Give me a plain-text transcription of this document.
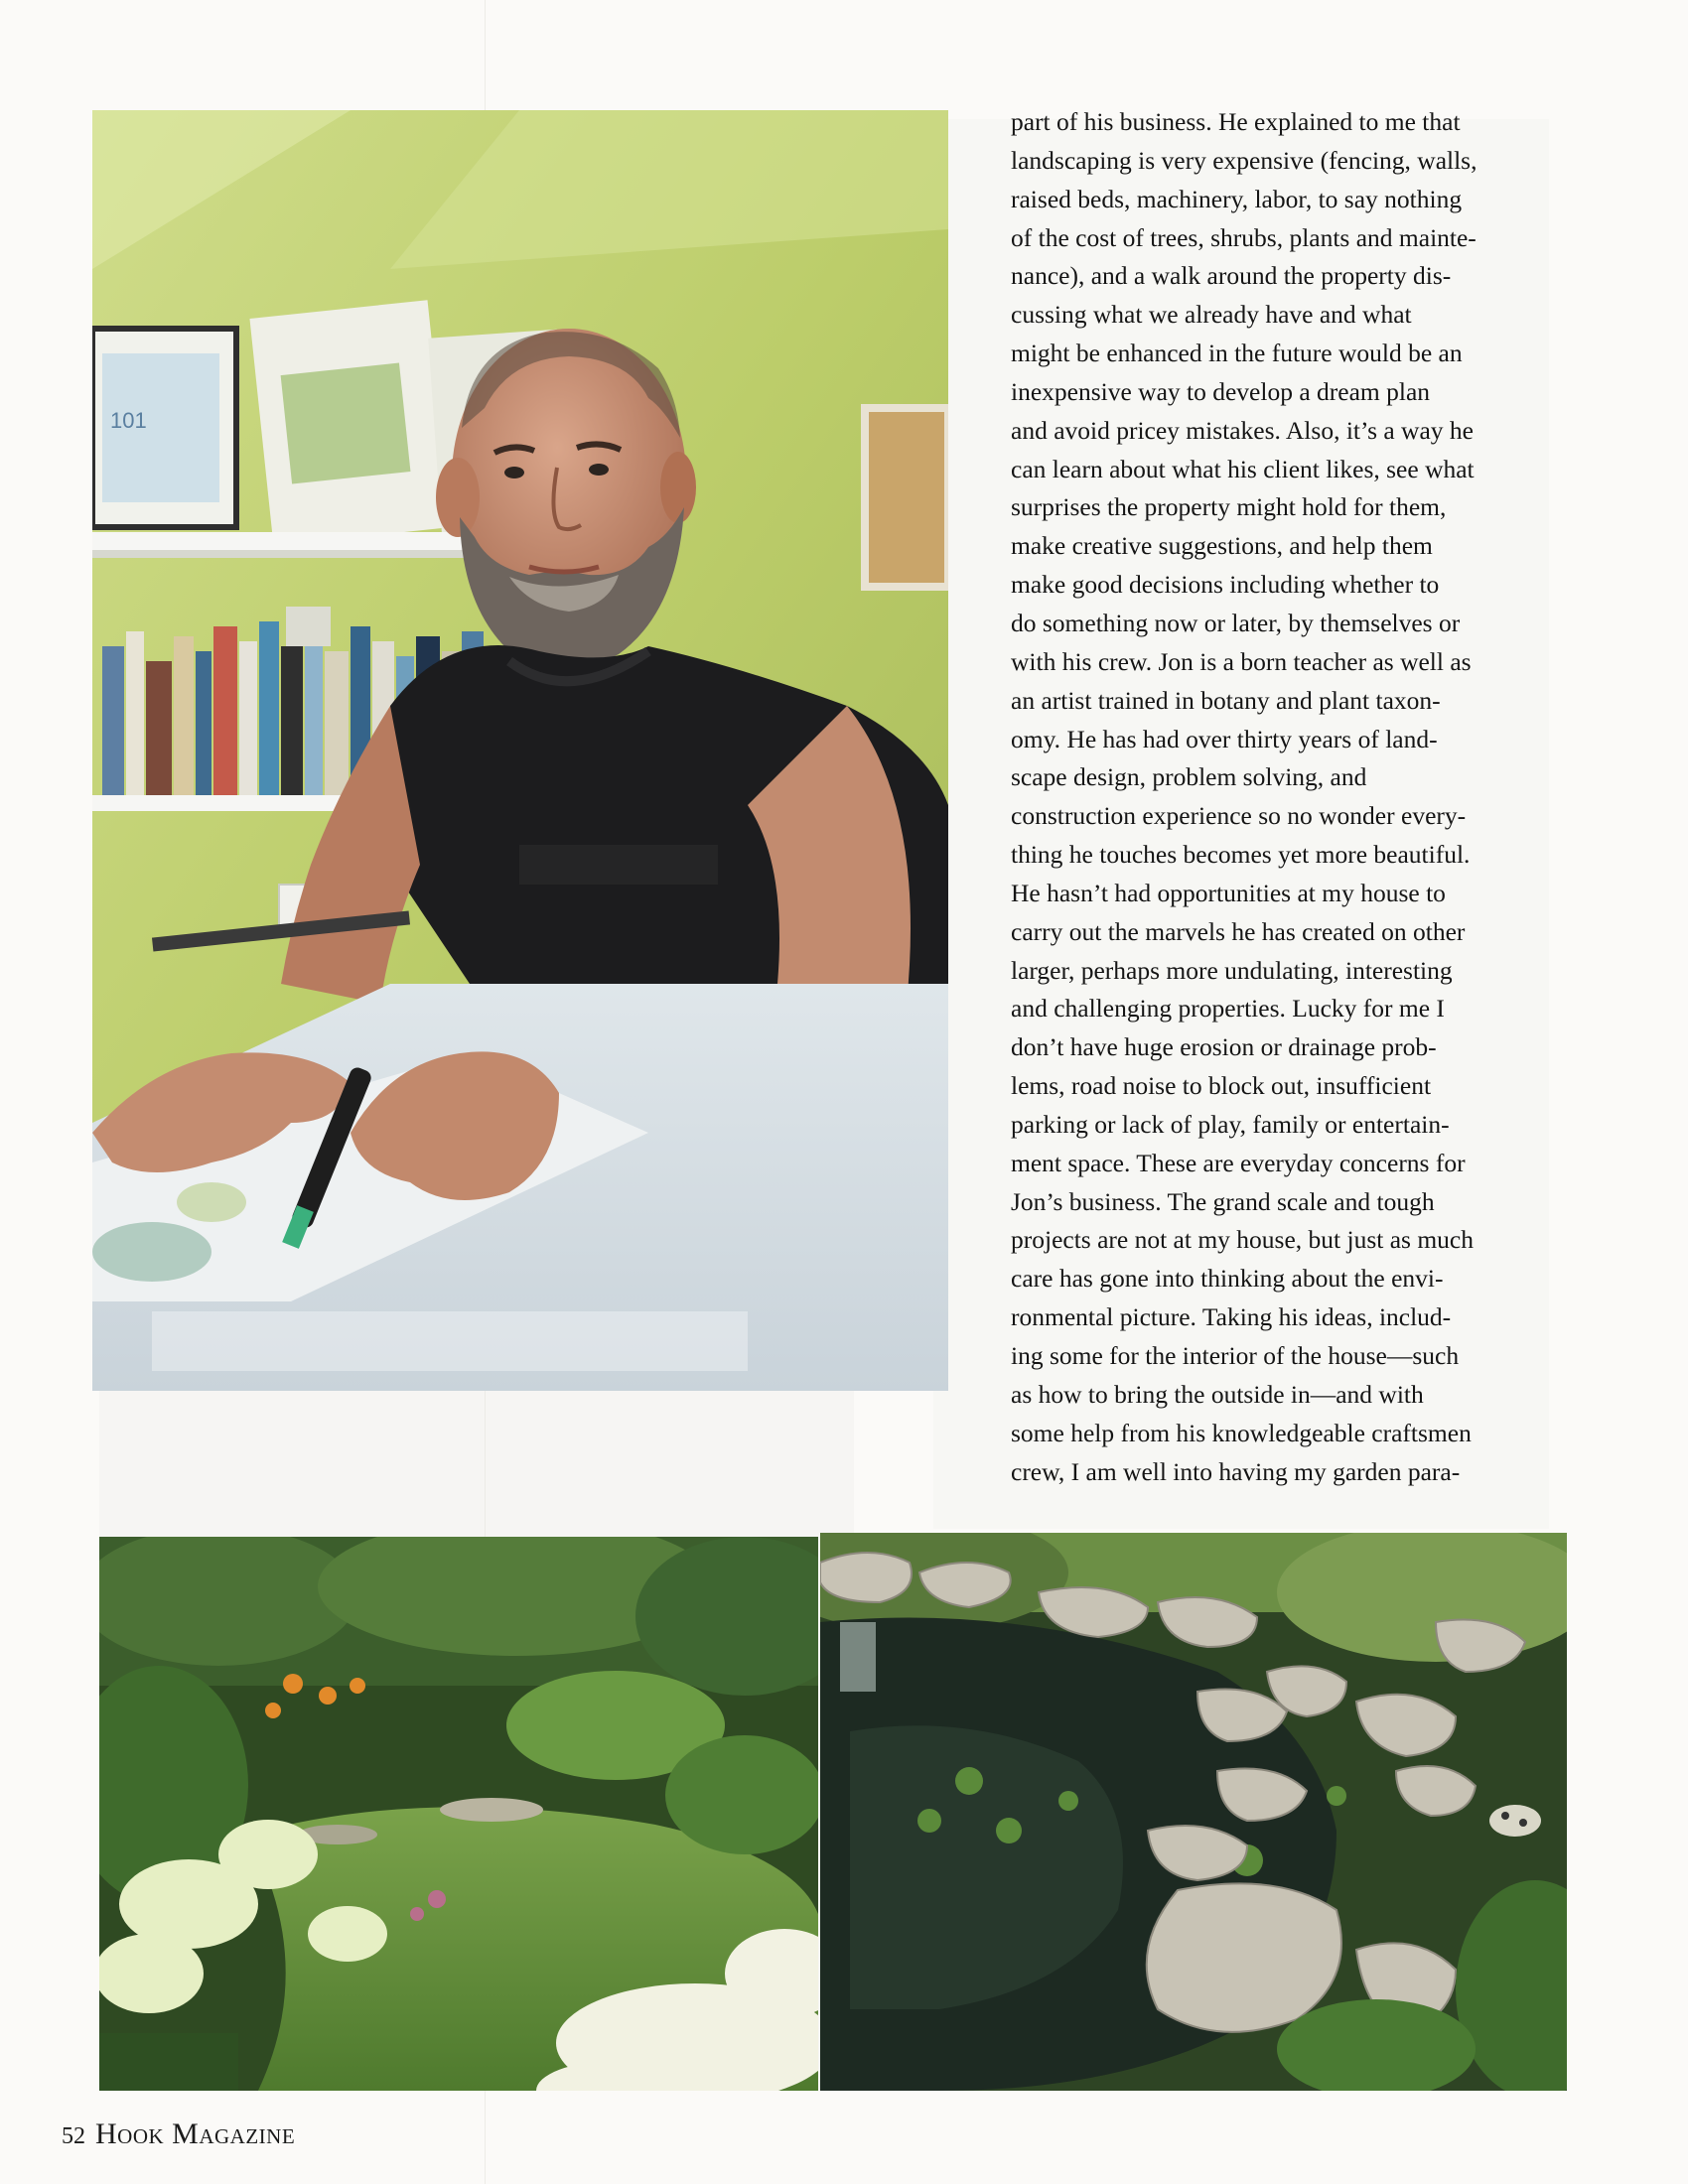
101
part of his business. He explained to me that
landscaping is very expensive (fencing, walls,
raised beds, machinery, labor, to say nothing
of the cost of trees, shrubs, plants and mainte-
nance), and a walk around the property dis-
cussing what we already have and what
might be enhanced in the future would be an
inexpensive way to develop a dream plan
and avoid pricey mistakes. Also, it’s a way he
can learn about what his client likes, see what
surprises the property might hold for them,
make creative suggestions, and help them
make good decisions including whether to
do something now or later, by themselves or
with his crew. Jon is a born teacher as well as
an artist trained in botany and plant taxon-
omy. He has had over thirty years of land-
scape design, problem solving, and
construction experience so no wonder every-
thing he touches becomes yet more beautiful.
He hasn’t had opportunities at my house to
carry out the marvels he has created on other
larger, perhaps more undulating, interesting
and challenging properties. Lucky for me I
don’t have huge erosion or drainage prob-
lems, road noise to block out, insufficient
parking or lack of play, family or entertain-
ment space. These are everyday concerns for
Jon’s business. The grand scale and tough
projects are not at my house, but just as much
care has gone into thinking about the envi-
ronmental picture. Taking his ideas, includ-
ing some for the interior of the house—such
as how to bring the outside in—and with
some help from his knowledgeable craftsmen
crew, I am well into having my garden para-
52 Hook Magazine
